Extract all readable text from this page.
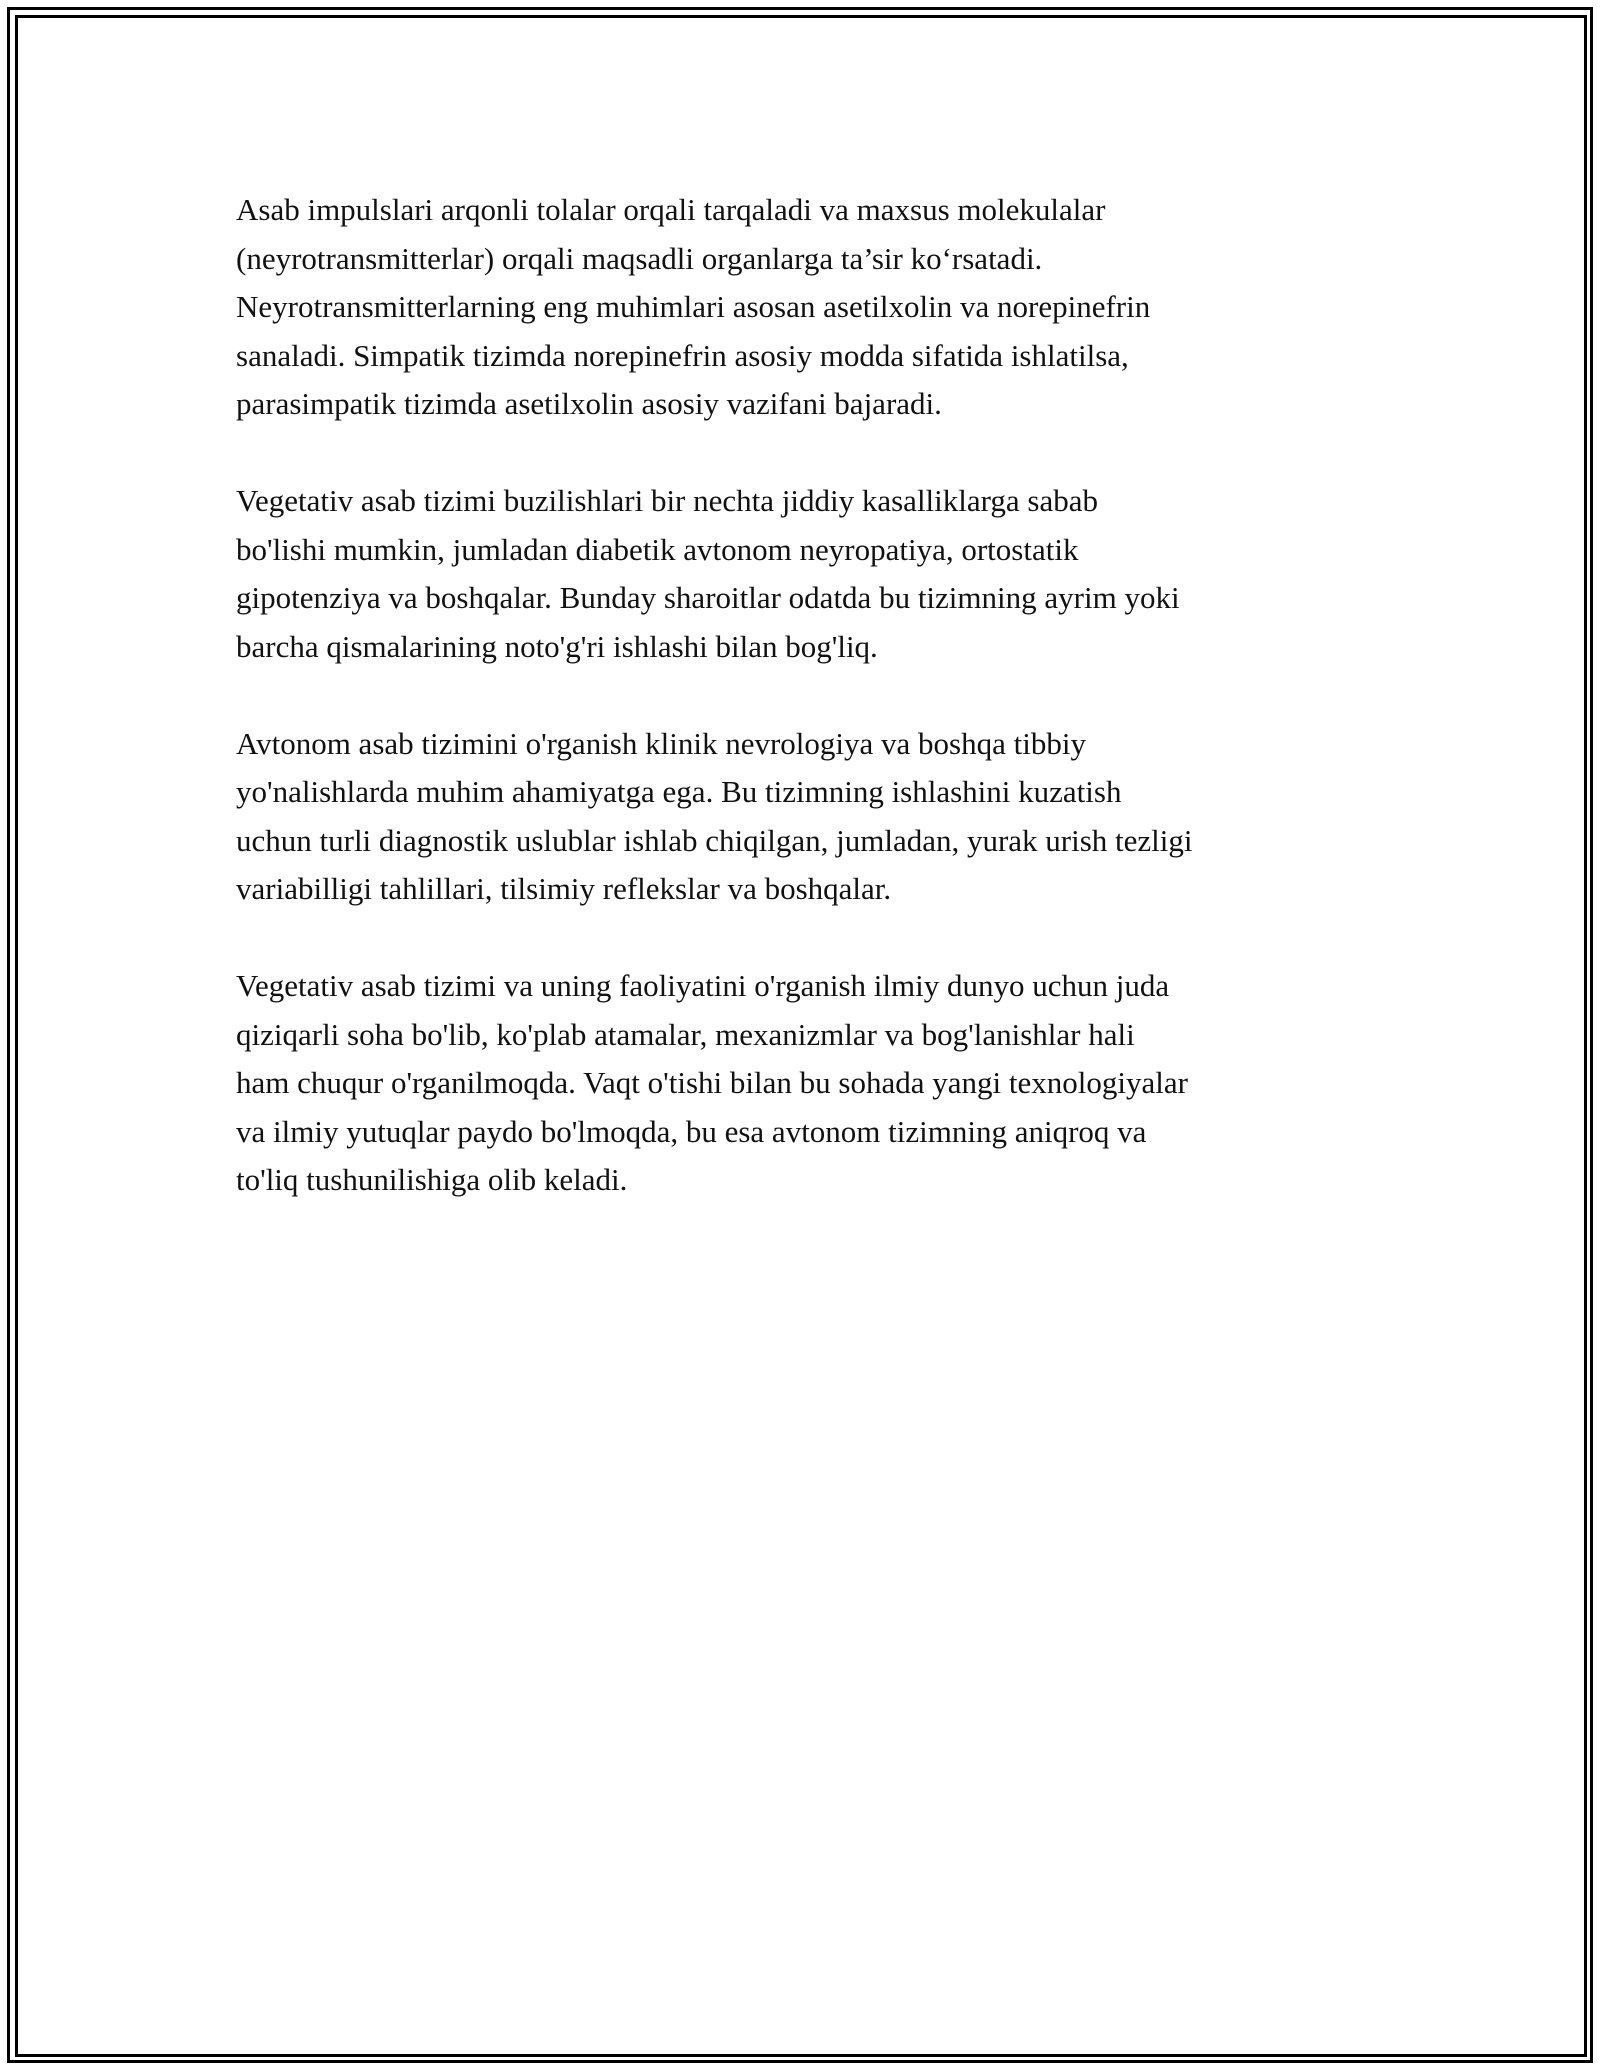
Asab impulslari arqonli tolalar orqali tarqaladi va maxsus molekulalar
(neyrotransmitterlar) orqali maqsadli organlarga ta’sir ko‘rsatadi.
Neyrotransmitterlarning eng muhimlari asosan asetilxolin va norepinefrin
sanaladi. Simpatik tizimda norepinefrin asosiy modda sifatida ishlatilsa,
parasimpatik tizimda asetilxolin asosiy vazifani bajaradi.

Vegetativ asab tizimi buzilishlari bir nechta jiddiy kasalliklarga sabab
bo'lishi mumkin, jumladan diabetik avtonom neyropatiya, ortostatik
gipotenziya va boshqalar. Bunday sharoitlar odatda bu tizimning ayrim yoki
barcha qismalarining noto'g'ri ishlashi bilan bog'liq.

Avtonom asab tizimini o'rganish klinik nevrologiya va boshqa tibbiy
yo'nalishlarda muhim ahamiyatga ega. Bu tizimning ishlashini kuzatish
uchun turli diagnostik uslublar ishlab chiqilgan, jumladan, yurak urish tezligi
variabilligi tahlillari, tilsimiy reflekslar va boshqalar.

Vegetativ asab tizimi va uning faoliyatini o'rganish ilmiy dunyo uchun juda
qiziqarli soha bo'lib, ko'plab atamalar, mexanizmlar va bog'lanishlar hali
ham chuqur o'rganilmoqda. Vaqt o'tishi bilan bu sohada yangi texnologiyalar
va ilmiy yutuqlar paydo bo'lmoqda, bu esa avtonom tizimning aniqroq va
to'liq tushunilishiga olib keladi.
